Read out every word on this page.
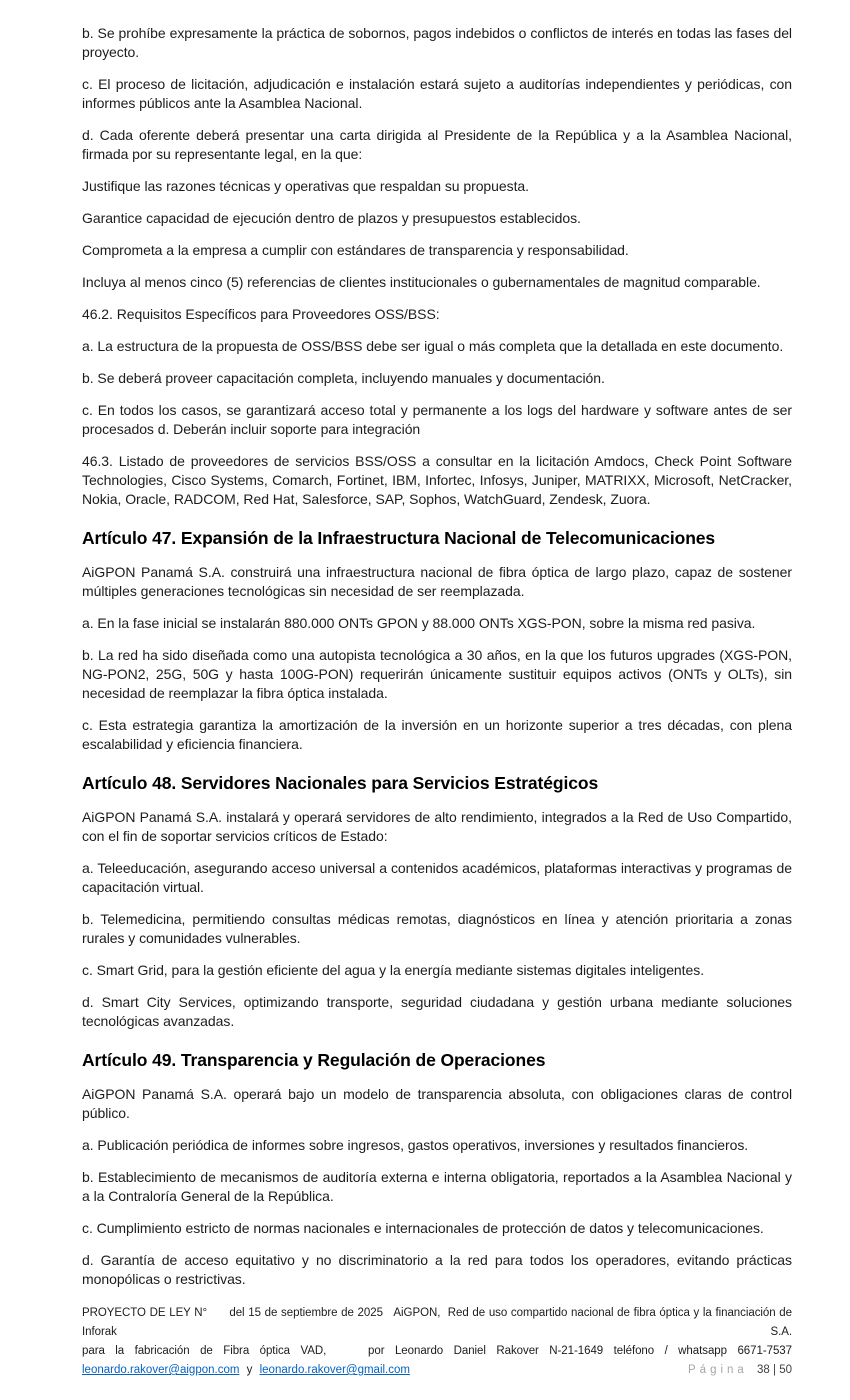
b. Se prohíbe expresamente la práctica de sobornos, pagos indebidos o conflictos de interés en todas las fases del proyecto.

c. El proceso de licitación, adjudicación e instalación estará sujeto a auditorías independientes y periódicas, con informes públicos ante la Asamblea Nacional.

d. Cada oferente deberá presentar una carta dirigida al Presidente de la República y a la Asamblea Nacional, firmada por su representante legal, en la que:

Justifique las razones técnicas y operativas que respaldan su propuesta.

Garantice capacidad de ejecución dentro de plazos y presupuestos establecidos.

Comprometa a la empresa a cumplir con estándares de transparencia y responsabilidad.

Incluya al menos cinco (5) referencias de clientes institucionales o gubernamentales de magnitud comparable.

46.2. Requisitos Específicos para Proveedores OSS/BSS:

a. La estructura de la propuesta de OSS/BSS debe ser igual o más completa que la detallada en este documento.

b. Se deberá proveer capacitación completa, incluyendo manuales y documentación.

c. En todos los casos, se garantizará acceso total y permanente a los logs del hardware y software antes de ser procesados d. Deberán incluir soporte para integración

46.3. Listado de proveedores de servicios BSS/OSS a consultar en la licitación Amdocs, Check Point Software Technologies, Cisco Systems, Comarch, Fortinet, IBM, Infortec, Infosys, Juniper, MATRIXX, Microsoft, NetCracker, Nokia, Oracle, RADCOM, Red Hat, Salesforce, SAP, Sophos, WatchGuard, Zendesk, Zuora.

Artículo 47. Expansión de la Infraestructura Nacional de Telecomunicaciones

AiGPON Panamá S.A. construirá una infraestructura nacional de fibra óptica de largo plazo, capaz de sostener múltiples generaciones tecnológicas sin necesidad de ser reemplazada.

a. En la fase inicial se instalarán 880.000 ONTs GPON y 88.000 ONTs XGS-PON, sobre la misma red pasiva.

b. La red ha sido diseñada como una autopista tecnológica a 30 años, en la que los futuros upgrades (XGS-PON, NG-PON2, 25G, 50G y hasta 100G-PON) requerirán únicamente sustituir equipos activos (ONTs y OLTs), sin necesidad de reemplazar la fibra óptica instalada.

c. Esta estrategia garantiza la amortización de la inversión en un horizonte superior a tres décadas, con plena escalabilidad y eficiencia financiera.

Artículo 48. Servidores Nacionales para Servicios Estratégicos

AiGPON Panamá S.A. instalará y operará servidores de alto rendimiento, integrados a la Red de Uso Compartido, con el fin de soportar servicios críticos de Estado:

a. Teleeducación, asegurando acceso universal a contenidos académicos, plataformas interactivas y programas de capacitación virtual.

b. Telemedicina, permitiendo consultas médicas remotas, diagnósticos en línea y atención prioritaria a zonas rurales y comunidades vulnerables.

c. Smart Grid, para la gestión eficiente del agua y la energía mediante sistemas digitales inteligentes.

d. Smart City Services, optimizando transporte, seguridad ciudadana y gestión urbana mediante soluciones tecnológicas avanzadas.

Artículo 49. Transparencia y Regulación de Operaciones

AiGPON Panamá S.A. operará bajo un modelo de transparencia absoluta, con obligaciones claras de control público.

a. Publicación periódica de informes sobre ingresos, gastos operativos, inversiones y resultados financieros.

b. Establecimiento de mecanismos de auditoría externa e interna obligatoria, reportados a la Asamblea Nacional y a la Contraloría General de la República.

c. Cumplimiento estricto de normas nacionales e internacionales de protección de datos y telecomunicaciones.

d. Garantía de acceso equitativo y no discriminatorio a la red para todos los operadores, evitando prácticas monopólicas o restrictivas.

PROYECTO DE LEY N°      del 15 de septiembre de 2025   AiGPON,  Red de uso compartido nacional de fibra óptica y la financiación de Inforak S.A.
para la fabricación de Fibra óptica VAD,    por Leonardo Daniel Rakover N-21-1649 teléfono / whatsapp 6671-7537
leonardo.rakover@aigpon.com y leonardo.rakover@gmail.com	Página 38 | 50
